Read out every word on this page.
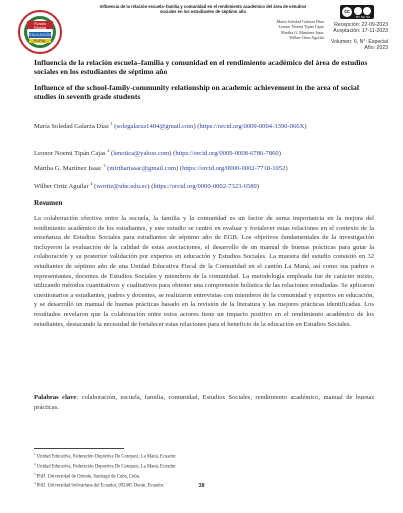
Ruralía
Revista
EDUCACIÓN
RURAL
Influencia de la relación escuela–familia y comunidad en el rendimiento académico del área de estudios sociales en los estudiantes de séptimo año
María Soledad Galarza Díaz
Leonor Noemi Tipán Cajas
Martha G. Martínez Isaac
Wilber Ortiz Aguilar
cc
BY NC SA
Recepción: 22-09-2023
Aceptación: 17-11-2023
Volumen: 6, N°: Especial
Año: 2023
Influencia de la relación escuela–familia y comunidad en el rendimiento académico del área de estudios sociales en los estudiantes de séptimo año
Influence of the school-family-community relationship on academic achievement in the area of social studies in seventh grade students
María Soledad Galarza Díaz $^1$ (solegalarza1404@gmail.com) (https://orcid.org/0009-0004-3390-066X)
Leonor Noemi Tipán Cajas $^2$ (lenotica@yahoo.com) (https://orcid.org/0009-0008-6786-7860)
Martha G. Martínez Isaac $^3$ (mirtharisaac@gmail.com) (https://orcid.org/0000-0002-7718-1052)
Wilber Ortiz Aguilar $^4$ (wortiz@ube.edu.ec) (https://orcid.org/0000-0002-7323-6589)
Resumen
La colaboración efectiva entre la escuela, la familia y la comunidad es un factor de suma importancia en la mejora del rendimiento académico de los estudiantes, y este estudio se centró en evaluar y fortalecer estas relaciones en el contexto de la enseñanza de Estudios Sociales para estudiantes de séptimo año de EGB. Los objetivos fundamentales de la investigación incluyeron la evaluación de la calidad de estas asociaciones, el desarrollo de un manual de buenas prácticas para guiar la colaboración y su posterior validación por expertos en educación y Estudios Sociales. La muestra del estudio consistió en 32 estudiantes de séptimo año de una Unidad Educativa Fiscal de la Comunidad en el cantón La Maná, así como sus padres o representantes, docentes de Estudios Sociales y miembros de la comunidad. La metodología empleada fue de carácter mixto, utilizando métodos cuantitativos y cualitativos para obtener una comprensión holística de las relaciones estudiadas. Se aplicaron cuestionarios a estudiantes, padres y docentes, se realizaron entrevistas con miembros de la comunidad y expertos en educación, y se desarrolló un manual de buenas prácticas basado en la revisión de la literatura y las mejores prácticas identificadas. Los resultados revelaron que la colaboración entre estos actores tiene un impacto positivo en el rendimiento académico de los estudiantes, destacando la necesidad de fortalecer estas relaciones para el beneficio de la educación en Estudios Sociales.
Palabras clave: colaboración, escuela, familia, comunidad, Estudios Sociales, rendimiento académico, manual de buenas prácticas.
$^1$ Unidad Educativa, Federación Deportiva De Cotopaxi, La Maná, Ecuador.
$^2$ Unidad Educativa, Federación Deportiva De Cotopaxi, La Maná, Ecuador.
$^3$ PhD. Universidad de Oriente, Santiago de Cuba, Cuba.
$^4$ PhD. Universidad bolivariana del Ecuador, 092405 Durán, Ecuador.	38
